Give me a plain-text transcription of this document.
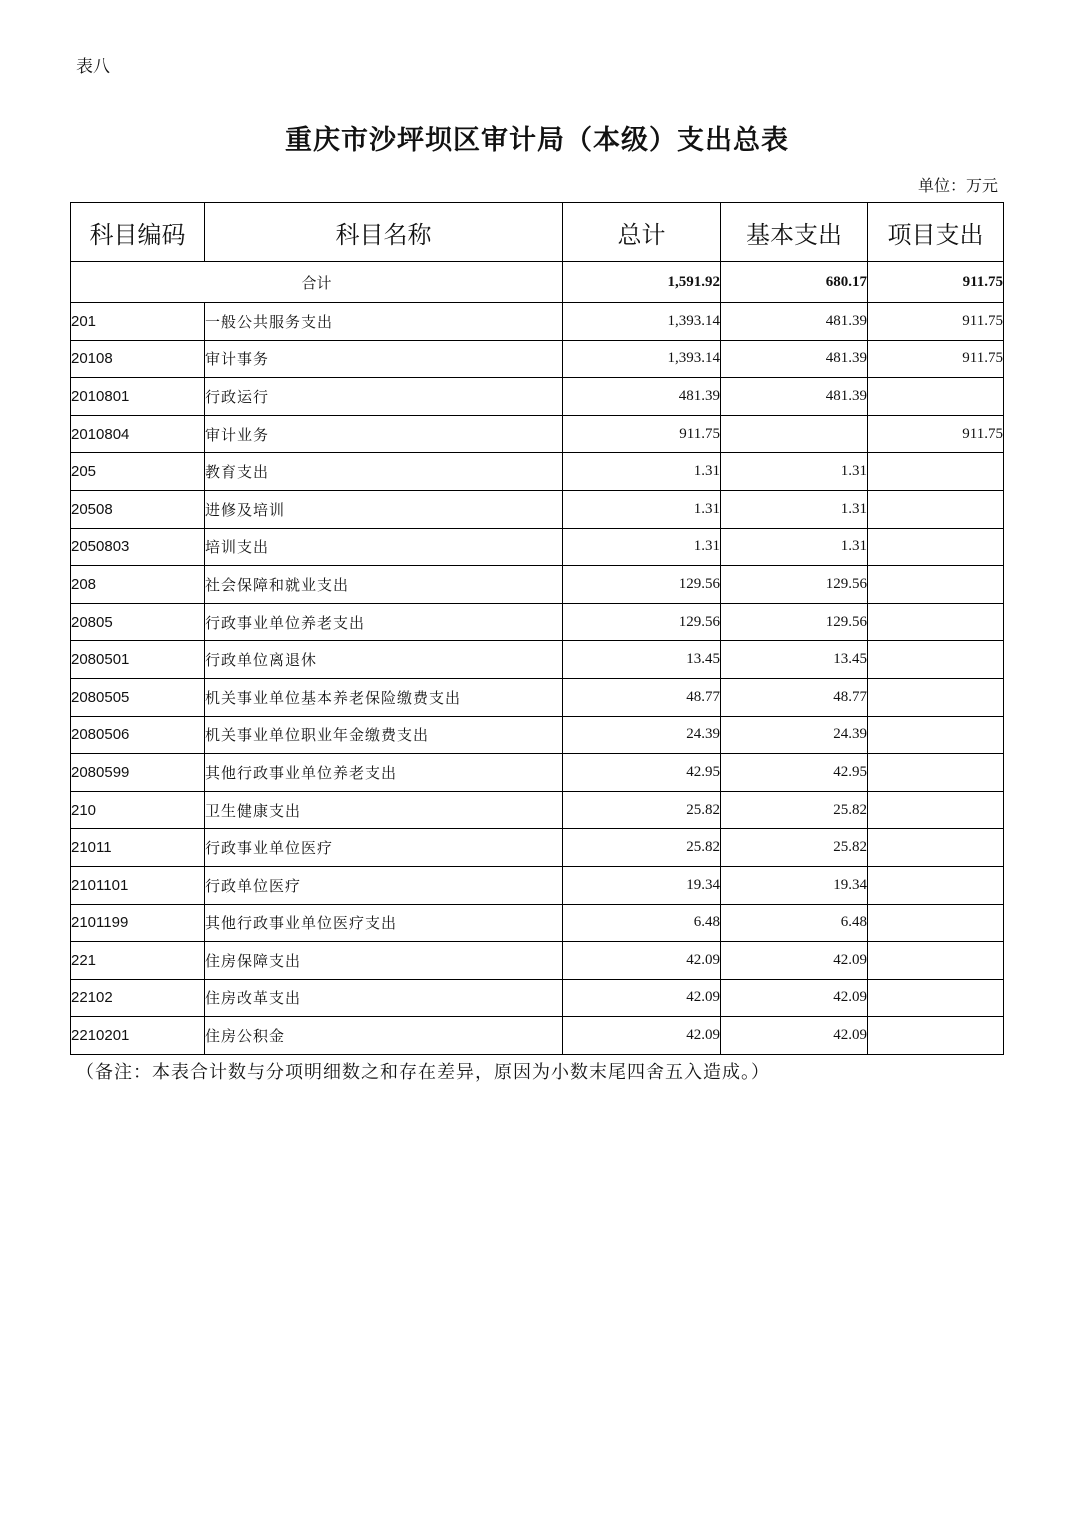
表八
重庆市沙坪坝区审计局（本级）支出总表
单位：万元
科目编码	科目名称	总计	基本支出	项目支出
合计		1,591.92	680.17	911.75
201	一般公共服务支出	1,393.14	481.39	911.75
20108	审计事务	1,393.14	481.39	911.75
2010801	行政运行	481.39	481.39	
2010804	审计业务	911.75		911.75
205	教育支出	1.31	1.31	
20508	进修及培训	1.31	1.31	
2050803	培训支出	1.31	1.31	
208	社会保障和就业支出	129.56	129.56	
20805	行政事业单位养老支出	129.56	129.56	
2080501	行政单位离退休	13.45	13.45	
2080505	机关事业单位基本养老保险缴费支出	48.77	48.77	
2080506	机关事业单位职业年金缴费支出	24.39	24.39	
2080599	其他行政事业单位养老支出	42.95	42.95	
210	卫生健康支出	25.82	25.82	
21011	行政事业单位医疗	25.82	25.82	
2101101	行政单位医疗	19.34	19.34	
2101199	其他行政事业单位医疗支出	6.48	6.48	
221	住房保障支出	42.09	42.09	
22102	住房改革支出	42.09	42.09	
2210201	住房公积金	42.09	42.09	
（备注：本表合计数与分项明细数之和存在差异，原因为小数末尾四舍五入造成。）
